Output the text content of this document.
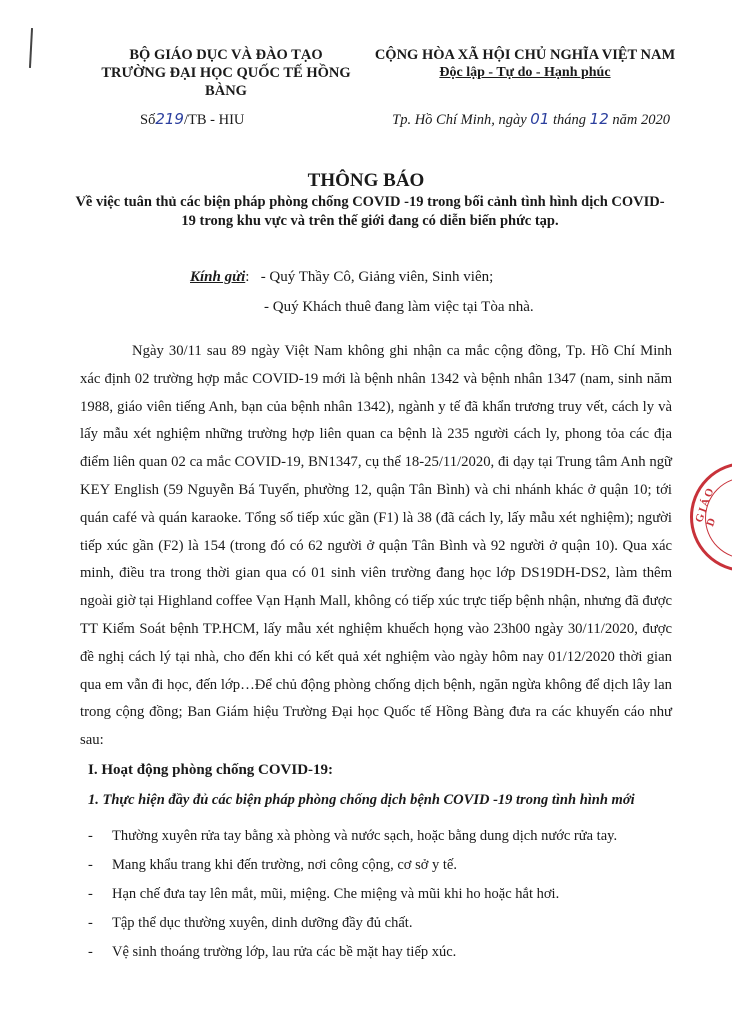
BỘ GIÁO DỤC VÀ ĐÀO TẠO
TRƯỜNG ĐẠI HỌC QUỐC TẾ HỒNG BÀNG
CỘNG HÒA XÃ HỘI CHỦ NGHĨA VIỆT NAM
Độc lập - Tự do - Hạnh phúc
Số219/TB - HIU	Tp. Hồ Chí Minh, ngày 01 tháng 12 năm 2020

THÔNG BÁO
Về việc tuân thủ các biện pháp phòng chống COVID -19 trong bối cảnh tình hình dịch COVID-19 trong khu vực và trên thế giới đang có diễn biến phức tạp.
Kính gửi :
- Quý Thầy Cô, Giảng viên, Sinh viên;
- Quý Khách thuê đang làm việc tại Tòa nhà.

Ngày 30/11 sau 89 ngày Việt Nam không ghi nhận ca mắc cộng đồng, Tp. Hồ Chí Minh xác định 02 trường hợp mắc COVID-19 mới là bệnh nhân 1342 và bệnh nhân 1347 (nam, sinh năm 1988, giáo viên tiếng Anh, bạn của bệnh nhân 1342), ngành y tế đã khẩn trương truy vết, cách ly và lấy mẫu xét nghiệm những trường hợp liên quan ca bệnh là 235 người cách ly, phong tỏa các địa điểm liên quan 02 ca mắc COVID-19, BN1347, cụ thể 18-25/11/2020, đi dạy tại Trung tâm Anh ngữ KEY English (59 Nguyễn Bá Tuyển, phường 12, quận Tân Bình) và chi nhánh khác ở quận 10; tới quán café và quán karaoke. Tổng số tiếp xúc gần (F1) là 38 (đã cách ly, lấy mẫu xét nghiệm); người tiếp xúc gần (F2) là 154 (trong đó có 62 người ở quận Tân Bình và 92 người ở quận 10). Qua xác minh, điều tra trong thời gian qua có 01 sinh viên trường đang học lớp DS19DH-DS2, làm thêm ngoài giờ tại Highland coffee Vạn Hạnh Mall, không có tiếp xúc trực tiếp bệnh nhận, nhưng đã được TT Kiểm Soát bệnh TP.HCM, lấy mẫu xét nghiệm khuếch họng vào 23h00 ngày 30/11/2020, được đề nghị cách lý tại nhà, cho đến khi có kết quả xét nghiệm vào ngày hôm nay 01/12/2020 thời gian qua em vẫn đi học, đến lớp…Để chủ động phòng chống dịch bệnh, ngăn ngừa không để dịch lây lan trong cộng đồng; Ban Giám hiệu Trường Đại học Quốc tế Hồng Bàng đưa ra các khuyến cáo như sau:

I. Hoạt động phòng chống COVID-19:
1. Thực hiện đầy đủ các biện pháp phòng chống dịch bệnh COVID -19 trong tình hình mới
-	Thường xuyên rửa tay bằng xà phòng và nước sạch, hoặc bằng dung dịch nước rửa tay.
-	Mang khẩu trang khi đến trường, nơi công cộng, cơ sở y tế.
-	Hạn chế đưa tay lên mắt, mũi, miệng. Che miệng và mũi khi ho hoặc hắt hơi.
-	Tập thể dục thường xuyên, dinh dưỡng đầy đủ chất.
-	Vệ sinh thoáng trường lớp, lau rửa các bề mặt hay tiếp xúc.
GIÁO D
